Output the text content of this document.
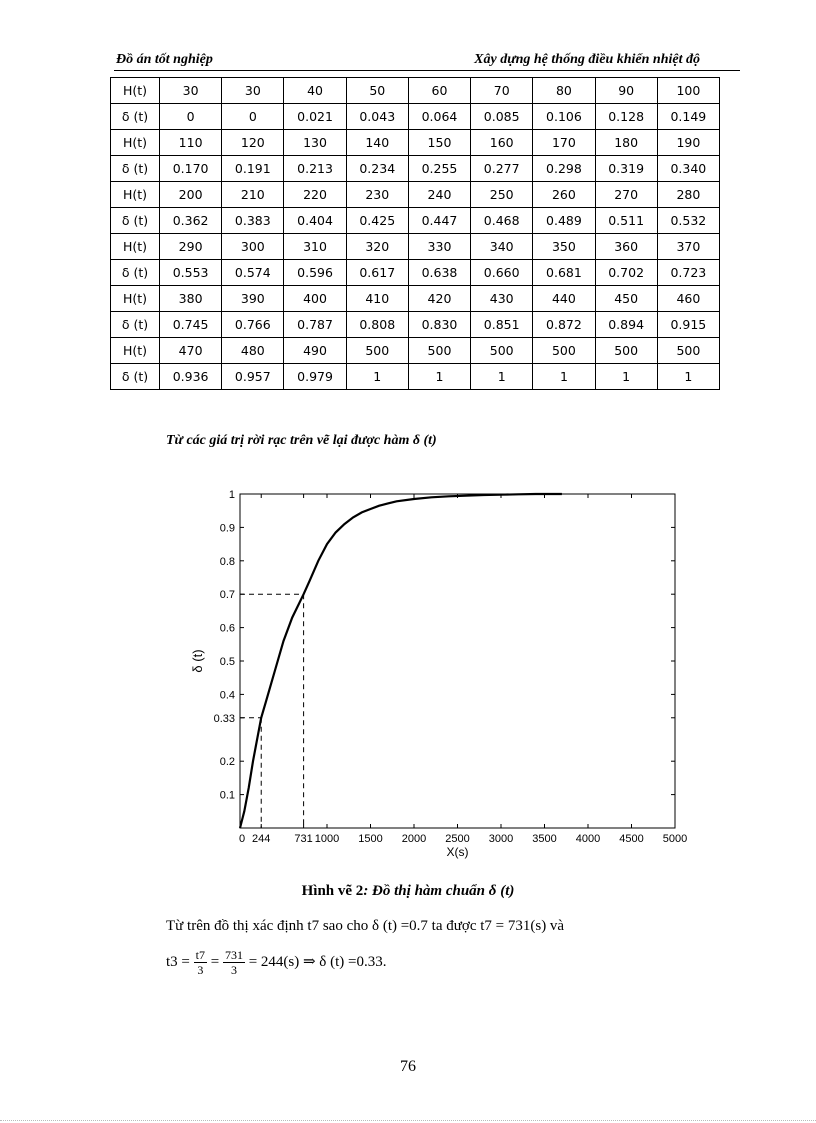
Đồ án tốt nghiệp	Xây dựng hệ thống điều khiển nhiệt độ
H(t)	30	30	40	50	60	70	80	90	100
δ (t)	0	0	0.021	0.043	0.064	0.085	0.106	0.128	0.149
H(t)	110	120	130	140	150	160	170	180	190
δ (t)	0.170	0.191	0.213	0.234	0.255	0.277	0.298	0.319	0.340
H(t)	200	210	220	230	240	250	260	270	280
δ (t)	0.362	0.383	0.404	0.425	0.447	0.468	0.489	0.511	0.532
H(t)	290	300	310	320	330	340	350	360	370
δ (t)	0.553	0.574	0.596	0.617	0.638	0.660	0.681	0.702	0.723
H(t)	380	390	400	410	420	430	440	450	460
δ (t)	0.745	0.766	0.787	0.808	0.830	0.851	0.872	0.894	0.915
H(t)	470	480	490	500	500	500	500	500	500
δ (t)	0.936	0.957	0.979	1	1	1	1	1	1
Từ các giá trị rời rạc trên vẽ lại được hàm δ (t)
0 244 731 1000 1500 2000 2500 3000 3500 4000 4500 5000
0.1
0.2
0.33
0.4
0.5
0.6
0.7
0.8
0.9
1
X(s)
δ (t)
Hình vẽ 2: Đồ thị hàm chuẩn δ (t)
Từ trên đồ thị xác định t7 sao cho δ (t) =0.7 ta được t7 = 731(s) và
$t3 = \frac{t7}{3} = \frac{731}{3} = 244(s)$ ⇒ δ (t) =0.33.
76
